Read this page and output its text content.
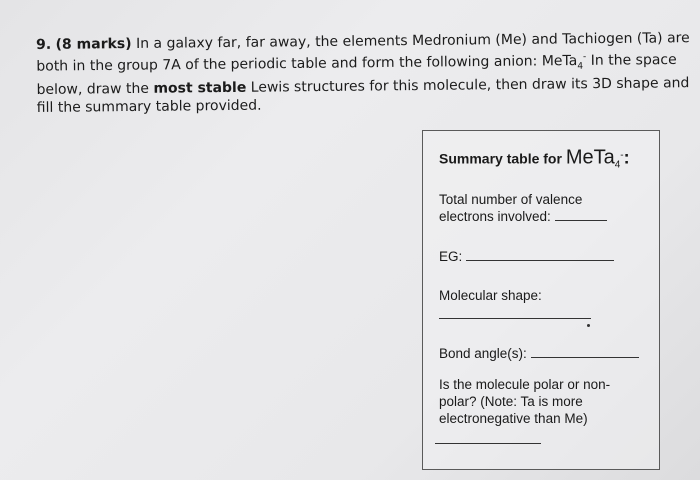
9. (8 marks) In a galaxy far, far away, the elements Medronium (Me) and Tachiogen (Ta) are both in the group 7A of the periodic table and form the following anion: MeTa$_4$- In the space below, draw the most stable Lewis structures for this molecule, then draw its 3D shape and fill the summary table provided.
Summary table for MeTa$_4$-:
Total number of valence
electrons involved:
EG:
Molecular shape:
Bond angle(s):
Is the molecule polar or non-polar? (Note: Ta is more electronegative than Me)
